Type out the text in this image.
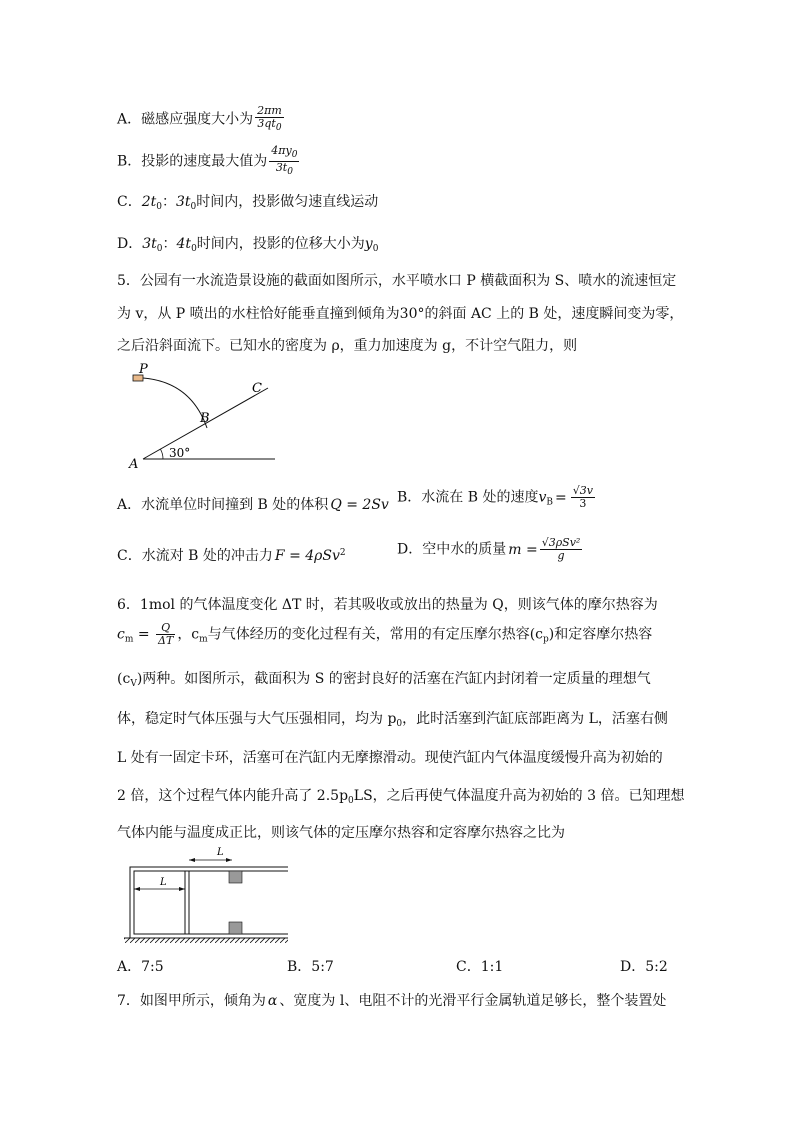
A．磁感应强度大小为 $\frac{2\pi m}{3qt_0}$
B．投影的速度最大值为 $\frac{4\pi y_0}{3t_0}$
C．$2t_0$：$3t_0$时间内，投影做匀速直线运动
D．$3t_0$：$4t_0$时间内，投影的位移大小为$y_0$
5．公园有一水流造景设施的截面如图所示，水平喷水口 P 横截面积为 S、喷水的流速恒定
为 v，从 P 喷出的水柱恰好能垂直撞到倾角为30°的斜面 AC 上的 B 处，速度瞬间变为零，
之后沿斜面流下。已知水的密度为 ρ，重力加速度为 g，不计空气阻力，则
P
B
C
A
30°
A．水流单位时间撞到 B 处的体积 Q = 2Sv B．水流在 B 处的速度$v_B = \frac{√3v}{3}$
C．水流对 B 处的冲击力 F = 4ρSv$^2$	D．空中水的质量 $m = \frac{\text{√3ρSv²}}{g}$
6．1mol 的气体温度变化 ΔT 时，若其吸收或放出的热量为 Q，则该气体的摩尔热容为
$c_m = \frac{Q}{\Delta T}$ ，$c_m$与气体经历的变化过程有关，常用的有定压摩尔热容$(c_p)$和定容摩尔热容
$(c_V)$两种。如图所示，截面积为 S 的密封良好的活塞在汽缸内封闭着一定质量的理想气
体，稳定时气体压强与大气压强相同，均为 $p_0$，此时活塞到汽缸底部距离为 L，活塞右侧
L 处有一固定卡环，活塞可在汽缸内无摩擦滑动。现使汽缸内气体温度缓慢升高为初始的
2 倍，这个过程气体内能升高了 $2.5p_0LS$，之后再使气体温度升高为初始的 3 倍。已知理想
气体内能与温度成正比，则该气体的定压摩尔热容和定容摩尔热容之比为
L
L
A．7:5	B．5:7	C．1:1	D．5:2
7．如图甲所示，倾角为 α 、宽度为 l、电阻不计的光滑平行金属轨道足够长，整个装置处
